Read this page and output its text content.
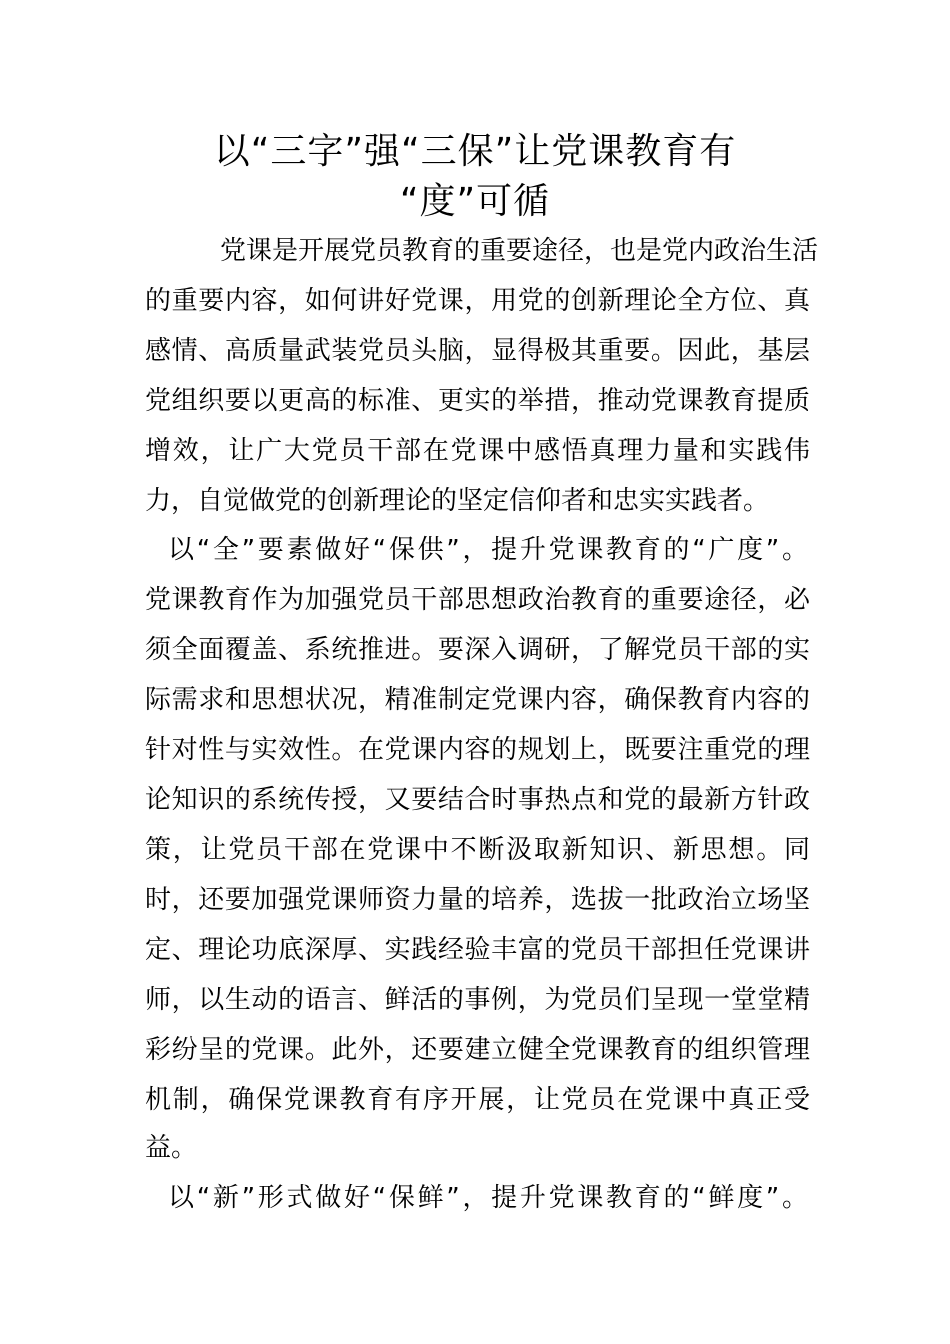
以“三字”强“三保”让党课教育有
“度”可循
党课是开展党员教育的重要途径，也是党内政治生活
的重要内容，如何讲好党课，用党的创新理论全方位、真
感情、高质量武装党员头脑，显得极其重要。因此，基层
党组织要以更高的标准、更实的举措，推动党课教育提质
增效，让广大党员干部在党课中感悟真理力量和实践伟
力，自觉做党的创新理论的坚定信仰者和忠实实践者。
以“全”要素做好“保供”，提升党课教育的“广度”。
党课教育作为加强党员干部思想政治教育的重要途径，必
须全面覆盖、系统推进。要深入调研，了解党员干部的实
际需求和思想状况，精准制定党课内容，确保教育内容的
针对性与实效性。在党课内容的规划上，既要注重党的理
论知识的系统传授，又要结合时事热点和党的最新方针政
策，让党员干部在党课中不断汲取新知识、新思想。同
时，还要加强党课师资力量的培养，选拔一批政治立场坚
定、理论功底深厚、实践经验丰富的党员干部担任党课讲
师，以生动的语言、鲜活的事例，为党员们呈现一堂堂精
彩纷呈的党课。此外，还要建立健全党课教育的组织管理
机制，确保党课教育有序开展，让党员在党课中真正受
益。
以“新”形式做好“保鲜”，提升党课教育的“鲜度”。
